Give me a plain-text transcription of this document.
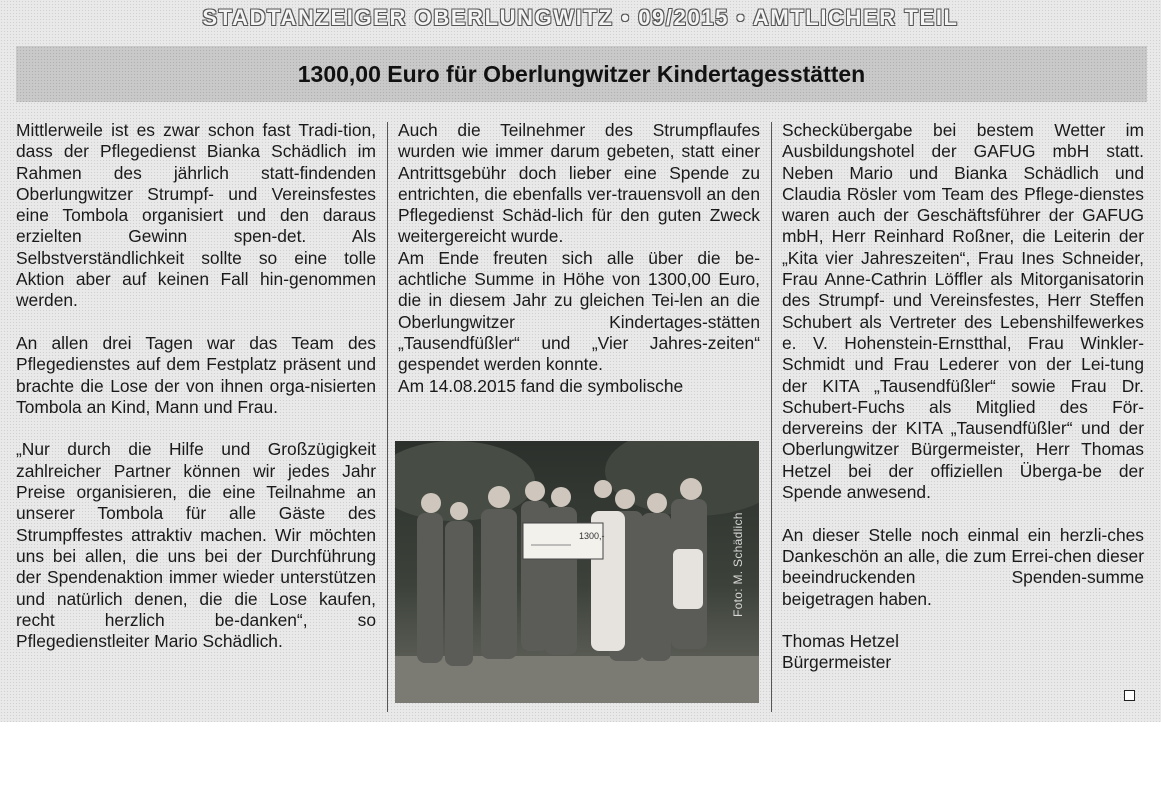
STADTANZEIGER OBERLUNGWITZ • 09/2015 • AMTLICHER TEIL
1300,00 Euro für Oberlungwitzer Kindertagesstätten

Mittlerweile ist es zwar schon fast Tradi-tion, dass der Pflegedienst Bianka Schädlich im Rahmen des jährlich statt-findenden Oberlungwitzer Strumpf- und Vereinsfestes eine Tombola organisiert und den daraus erzielten Gewinn spen-det. Als Selbstverständlichkeit sollte so eine tolle Aktion aber auf keinen Fall hin-genommen werden.

An allen drei Tagen war das Team des Pflegedienstes auf dem Festplatz präsent und brachte die Lose der von ihnen orga-nisierten Tombola an Kind, Mann und Frau.

„Nur durch die Hilfe und Großzügigkeit zahlreicher Partner können wir jedes Jahr Preise organisieren, die eine Teilnahme an unserer Tombola für alle Gäste des Strumpffestes attraktiv machen. Wir möchten uns bei allen, die uns bei der Durchführung der Spendenaktion immer wieder unterstützen und natürlich denen, die die Lose kaufen, recht herzlich be-danken“, so Pflegedienstleiter Mario Schädlich.

Auch die Teilnehmer des Strumpflaufes wurden wie immer darum gebeten, statt einer Antrittsgebühr doch lieber eine Spende zu entrichten, die ebenfalls ver-trauensvoll an den Pflegedienst Schäd-lich für den guten Zweck weitergereicht wurde.

Am Ende freuten sich alle über die be-achtliche Summe in Höhe von 1300,00 Euro, die in diesem Jahr zu gleichen Tei-len an die Oberlungwitzer Kindertages-stätten „Tausendfüßler“ und „Vier Jahres-zeiten“ gespendet werden konnte.

Am 14.08.2015 fand die symbolische

1300,-	Foto: M. Schädlich

Scheckübergabe bei bestem Wetter im Ausbildungshotel der GAFUG mbH statt. Neben Mario und Bianka Schädlich und Claudia Rösler vom Team des Pflege-dienstes waren auch der Geschäftsführer der GAFUG mbH, Herr Reinhard Roßner, die Leiterin der „Kita vier Jahreszeiten“, Frau Ines Schneider, Frau Anne-Cathrin Löffler als Mitorganisatorin des Strumpf- und Vereinsfestes, Herr Steffen Schubert als Vertreter des Lebenshilfewerkes e. V. Hohenstein-Ernstthal, Frau Winkler-Schmidt und Frau Lederer von der Lei-tung der KITA „Tausendfüßler“ sowie Frau Dr. Schubert-Fuchs als Mitglied des För-dervereins der KITA „Tausendfüßler“ und der Oberlungwitzer Bürgermeister, Herr Thomas Hetzel bei der offiziellen Überga-be der Spende anwesend.

An dieser Stelle noch einmal ein herzli-ches Dankeschön an alle, die zum Errei-chen dieser beeindruckenden Spenden-summe beigetragen haben.

Thomas Hetzel
Bürgermeister
